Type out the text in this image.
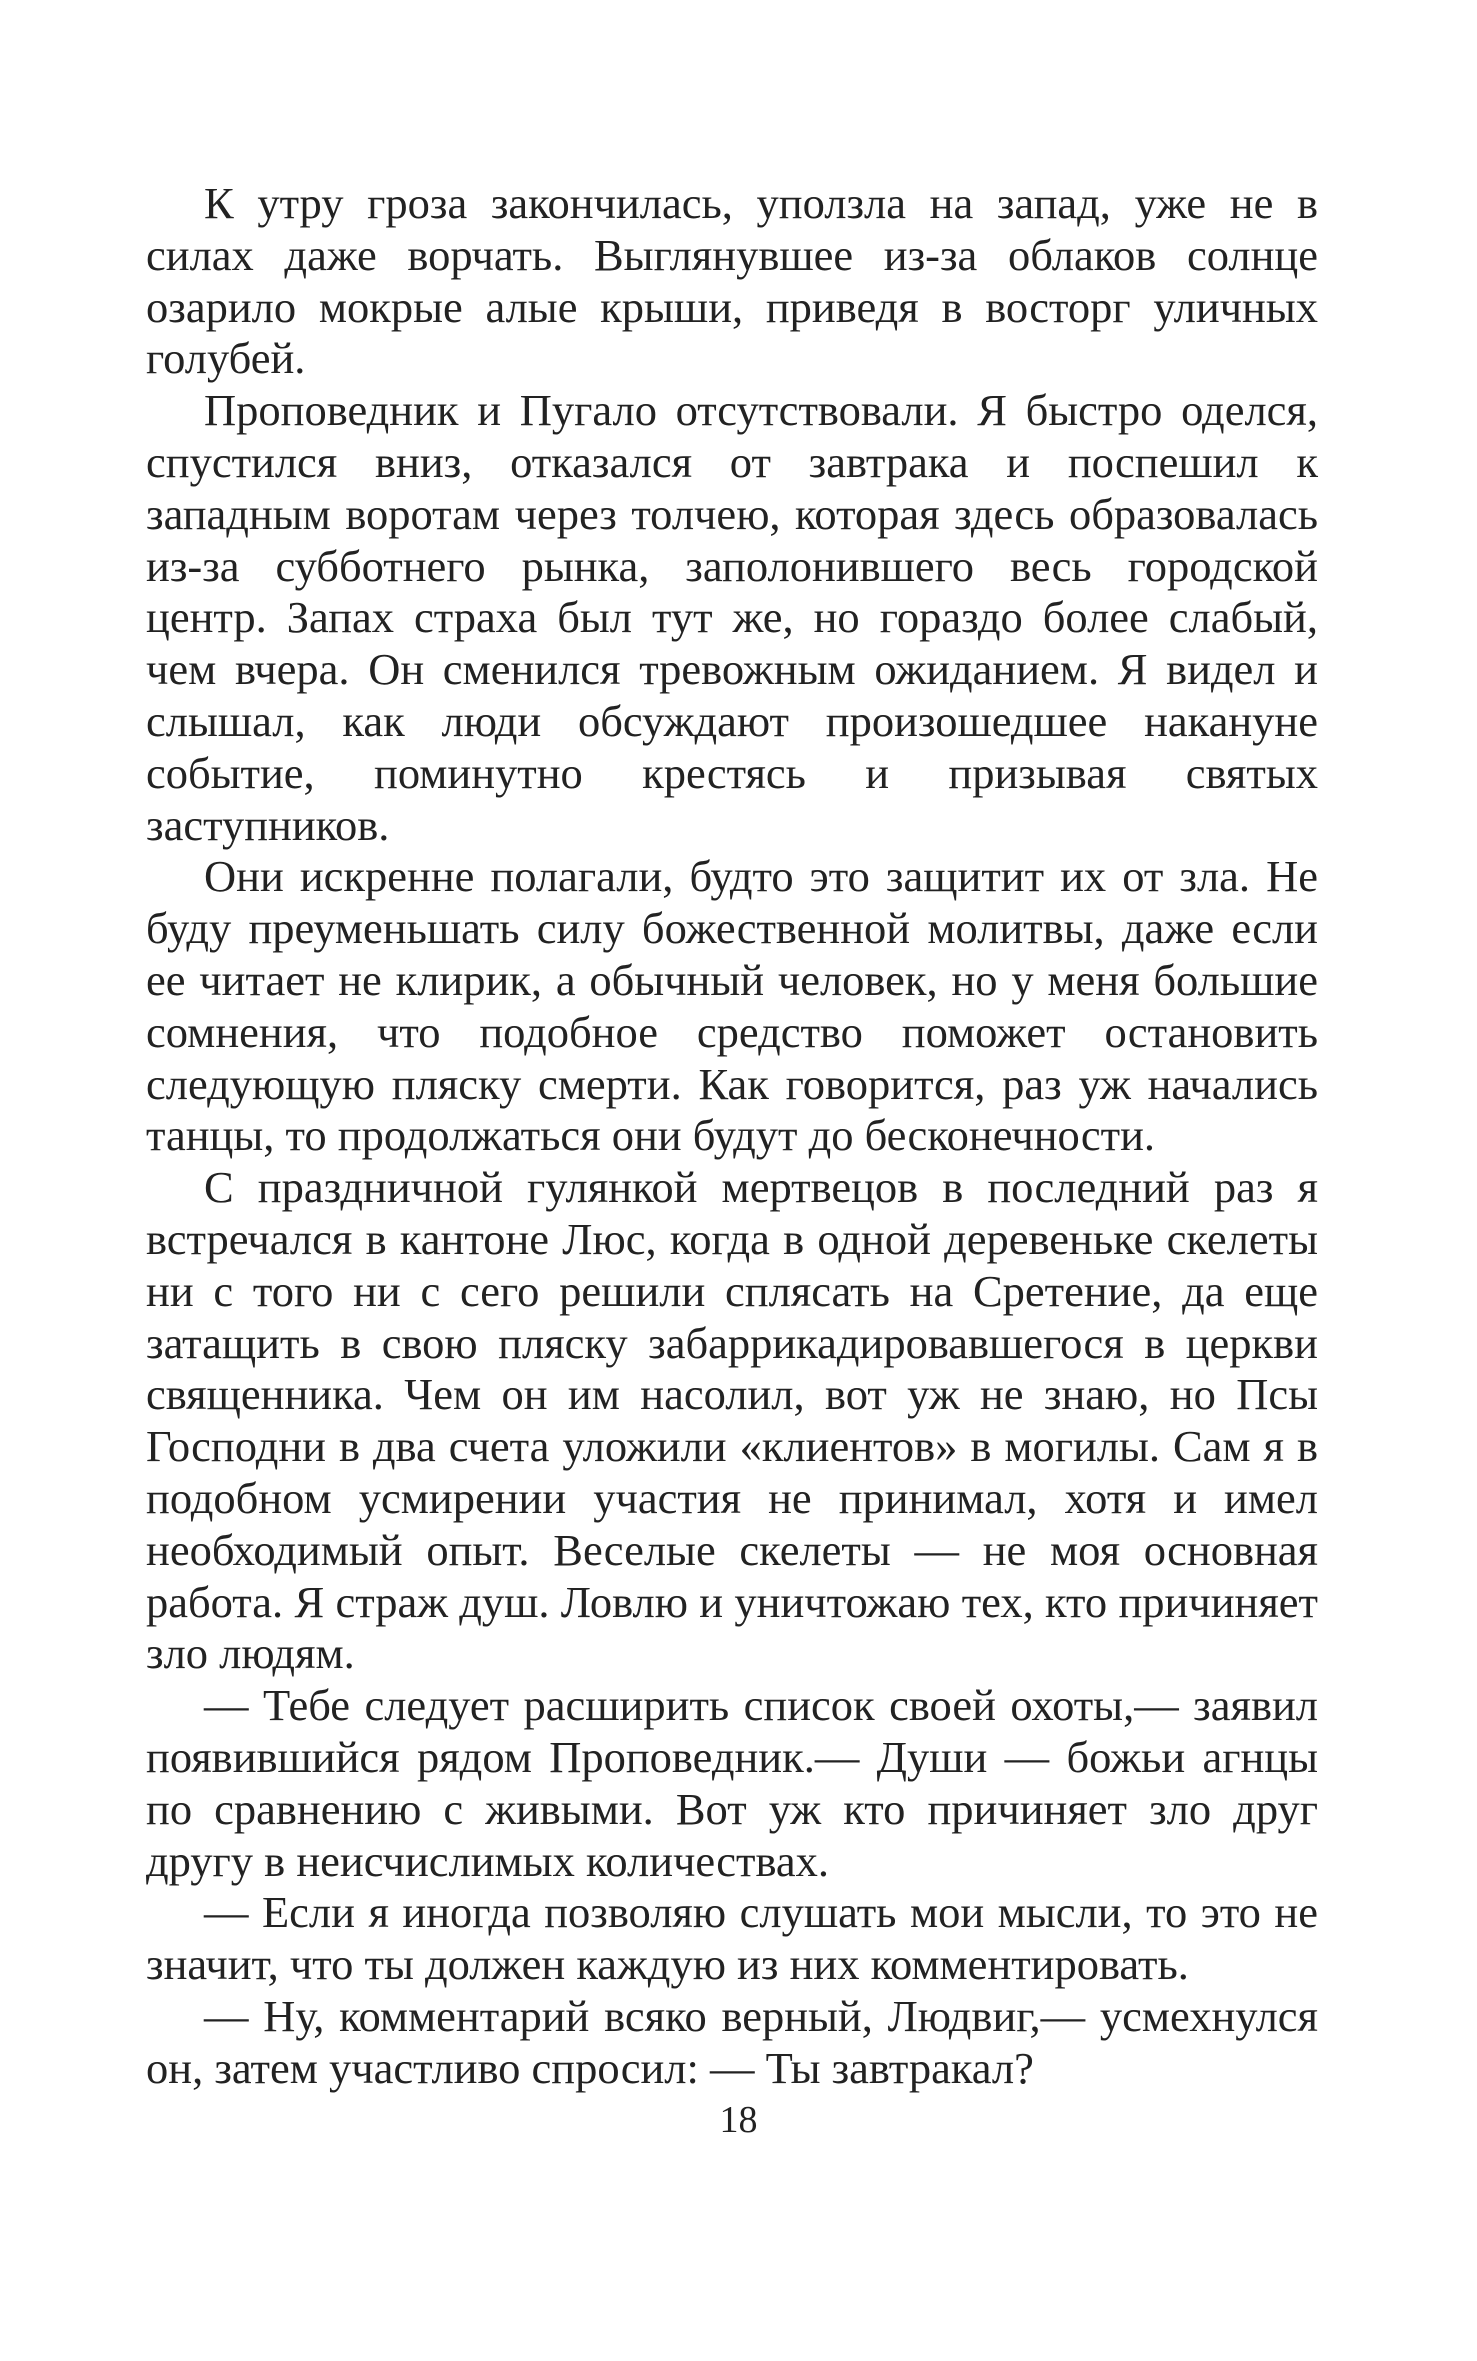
К утру гроза закончилась, уползла на запад, уже не в силах даже ворчать. Выглянувшее из-за облаков солнце озарило мокрые алые крыши, приведя в восторг уличных голубей.

Проповедник и Пугало отсутствовали. Я быстро оделся, спустился вниз, отказался от завтрака и поспешил к западным воротам через толчею, которая здесь образовалась из-за субботнего рынка, заполонившего весь городской центр. Запах страха был тут же, но гораздо более слабый, чем вчера. Он сменился тревожным ожиданием. Я видел и слышал, как люди обсуждают произошедшее накануне событие, поминутно крестясь и призывая святых заступников.

Они искренне полагали, будто это защитит их от зла. Не буду преуменьшать силу божественной молитвы, даже если ее читает не клирик, а обычный человек, но у меня большие сомнения, что подобное средство поможет остановить следующую пляску смерти. Как говорится, раз уж начались танцы, то продолжаться они будут до бесконечности.

С праздничной гулянкой мертвецов в последний раз я встречался в кантоне Люс, когда в одной деревеньке скелеты ни с того ни с сего решили сплясать на Сретение, да еще затащить в свою пляску забаррикадировавшегося в церкви священника. Чем он им насолил, вот уж не знаю, но Псы Господни в два счета уложили «клиентов» в могилы. Сам я в подобном усмирении участия не принимал, хотя и имел необходимый опыт. Веселые скелеты — не моя основная работа. Я страж душ. Ловлю и уничтожаю тех, кто причиняет зло людям.

— Тебе следует расширить список своей охоты,— заявил появившийся рядом Проповедник.— Души — божьи агнцы по сравнению с живыми. Вот уж кто причиняет зло друг другу в неисчислимых количествах.

— Если я иногда позволяю слушать мои мысли, то это не значит, что ты должен каждую из них комментировать.

— Ну, комментарий всяко верный, Людвиг,— усмехнулся он, затем участливо спросил: — Ты завтракал?

18
